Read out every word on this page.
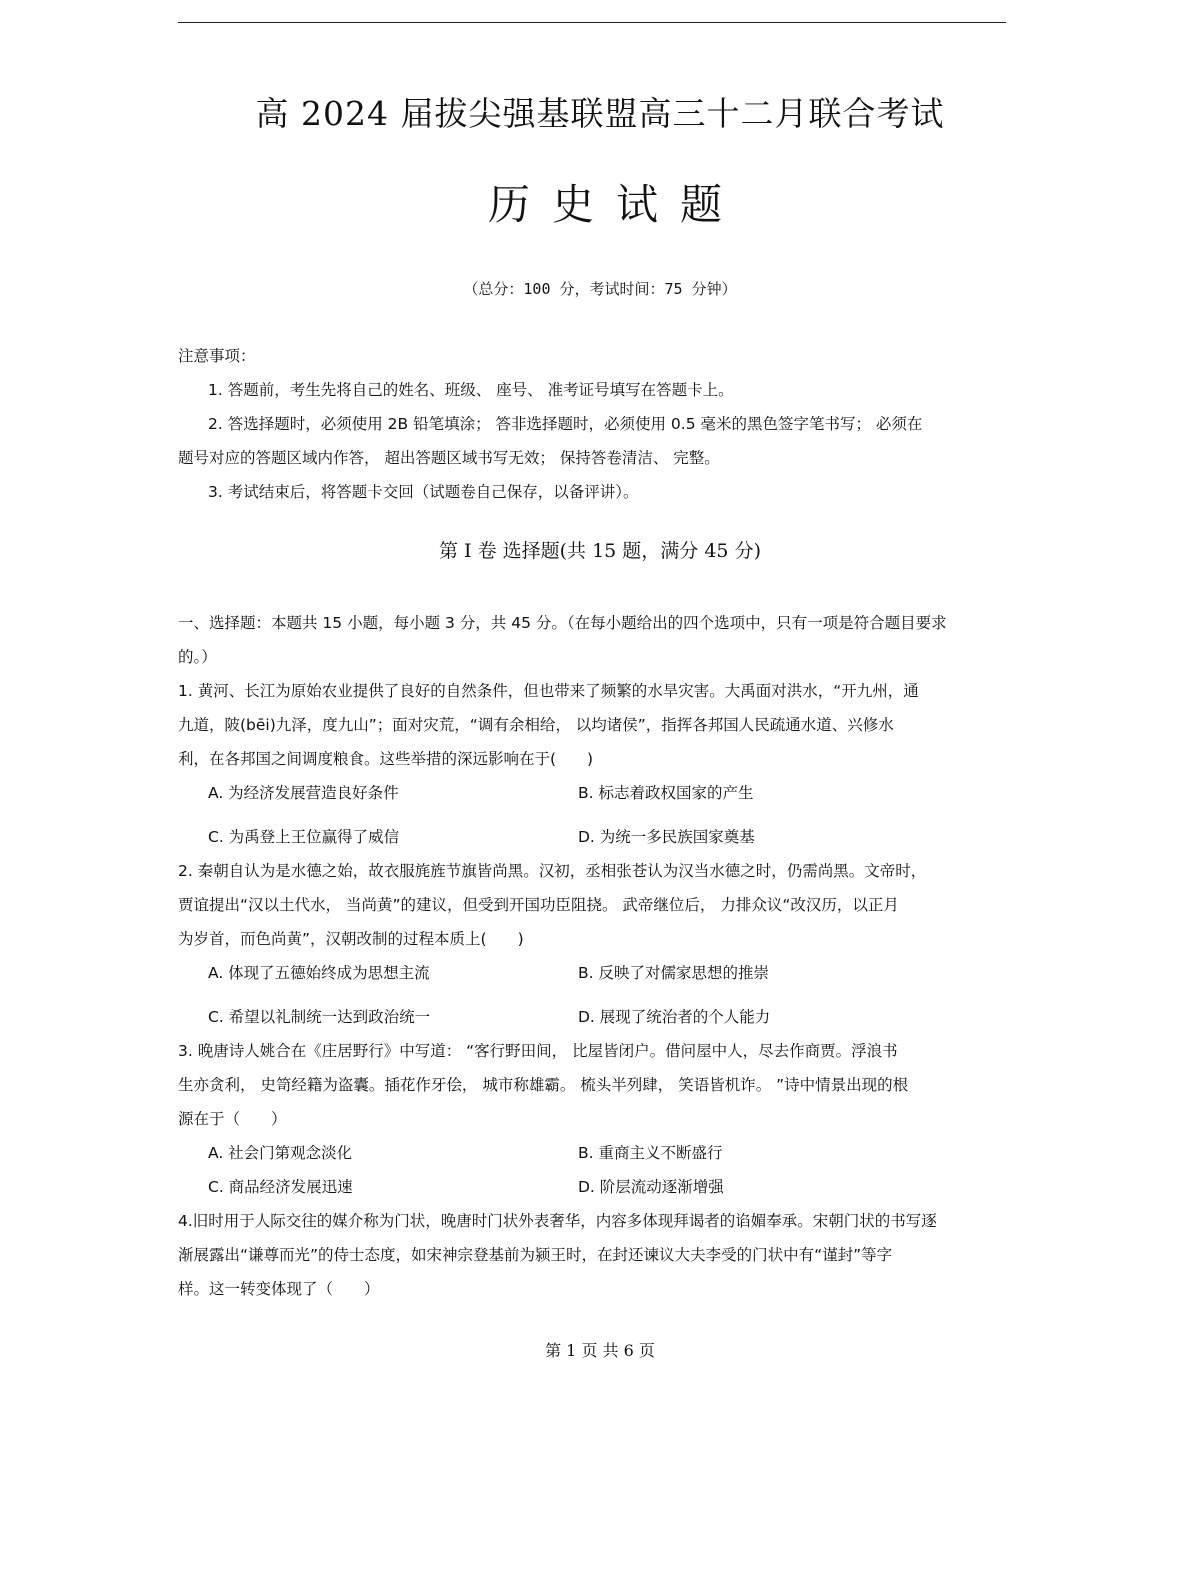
高 2024 届拔尖强基联盟高三十二月联合考试
历史试题
（总分：100 分，考试时间：75 分钟）
注意事项：
1. 答题前，考生先将自己的姓名、班级、 座号、 准考证号填写在答题卡上。
2. 答选择题时，必须使用 2B 铅笔填涂； 答非选择题时，必须使用 0.5 毫米的黑色签字笔书写； 必须在
题号对应的答题区域内作答， 超出答题区域书写无效； 保持答卷清洁、 完整。
3. 考试结束后，将答题卡交回（试题卷自己保存，以备评讲）。
第 I 卷 选择题(共 15 题，满分 45 分)
一、选择题：本题共 15 小题，每小题 3 分，共 45 分。（在每小题给出的四个选项中，只有一项是符合题目要求
的。）
1. 黄河、长江为原始农业提供了良好的自然条件，但也带来了频繁的水旱灾害。大禹面对洪水，“开九州，通
九道，陂(bēi)九泽，度九山”；面对灾荒，“调有余相给， 以均诸侯”，指挥各邦国人民疏通水道、兴修水
利，在各邦国之间调度粮食。这些举措的深远影响在于(　　)
A. 为经济发展营造良好条件	B. 标志着政权国家的产生
C. 为禹登上王位赢得了威信	D. 为统一多民族国家奠基
2. 秦朝自认为是水德之始，故衣服旄旌节旗皆尚黑。汉初，丞相张苍认为汉当水德之时，仍需尚黑。文帝时，
贾谊提出“汉以土代水， 当尚黄”的建议，但受到开国功臣阻挠。 武帝继位后， 力排众议“改汉历，以正月
为岁首，而色尚黄”，汉朝改制的过程本质上(　　)
A. 体现了五德始终成为思想主流	B. 反映了对儒家思想的推崇
C. 希望以礼制统一达到政治统一	D. 展现了统治者的个人能力
3. 晚唐诗人姚合在《庄居野行》中写道： “客行野田间， 比屋皆闭户。借问屋中人，尽去作商贾。浮浪书
生亦贪利， 史笥经籍为盗囊。插花作牙侩， 城市称雄霸。 梳头半列肆， 笑语皆机诈。 ”诗中情景出现的根
源在于（　　）
A. 社会门第观念淡化	B. 重商主义不断盛行
C. 商品经济发展迅速	D. 阶层流动逐渐增强
4.旧时用于人际交往的媒介称为门状，晚唐时门状外表奢华，内容多体现拜谒者的谄媚奉承。宋朝门状的书写逐
渐展露出“谦尊而光”的侍士态度，如宋神宗登基前为颍王时，在封还谏议大夫李受的门状中有“谨封”等字
样。这一转变体现了（　　）
第 1 页 共 6 页
